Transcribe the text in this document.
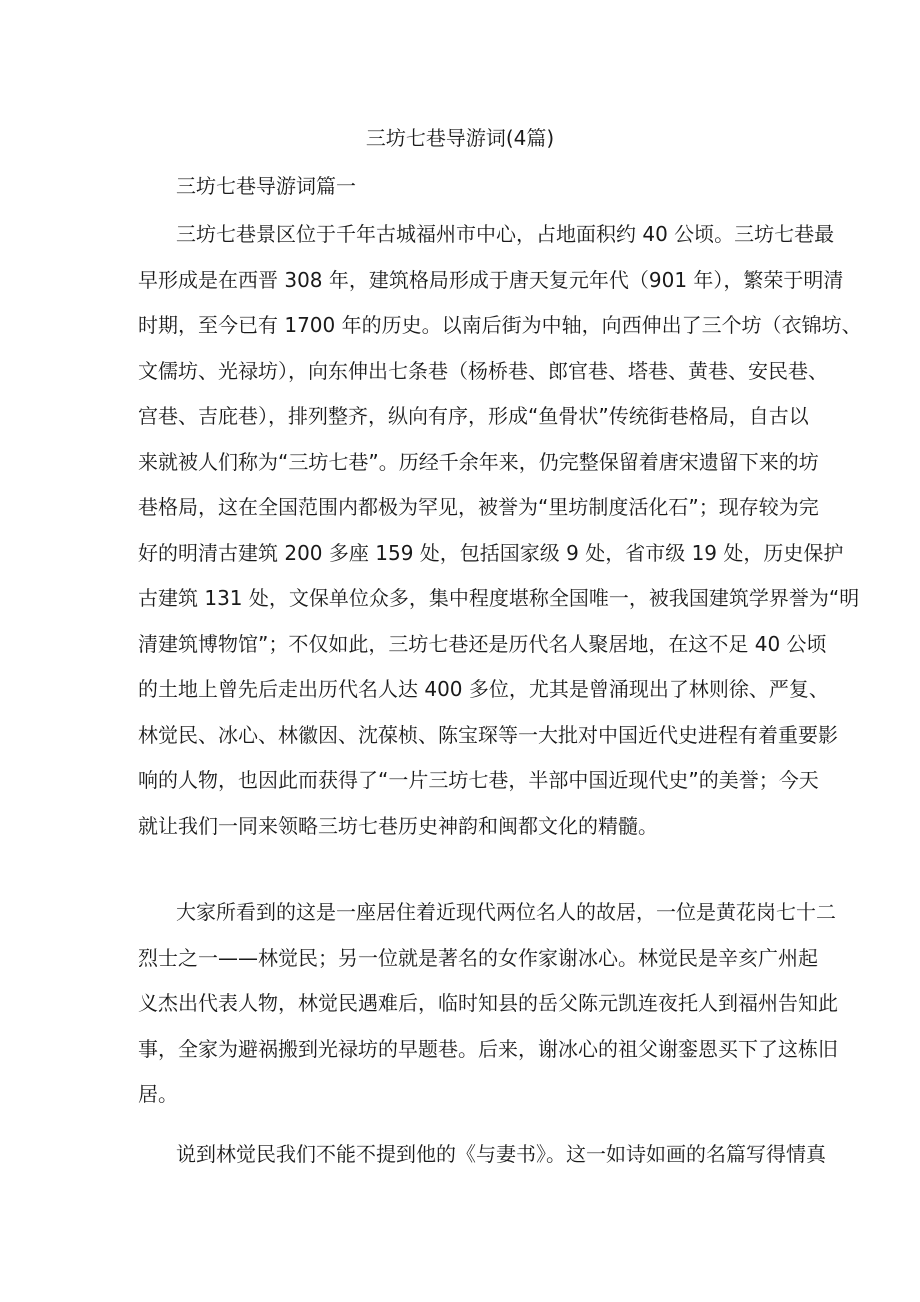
三坊七巷导游词(4篇)
三坊七巷导游词篇一

三坊七巷景区位于千年古城福州市中心，占地面积约 40 公顷。三坊七巷最
早形成是在西晋 308 年，建筑格局形成于唐天复元年代（901 年），繁荣于明清
时期，至今已有 1700 年的历史。以南后街为中轴，向西伸出了三个坊（衣锦坊、
文儒坊、光禄坊），向东伸出七条巷（杨桥巷、郎官巷、塔巷、黄巷、安民巷、
宫巷、吉庇巷），排列整齐，纵向有序，形成“鱼骨状”传统街巷格局，自古以
来就被人们称为“三坊七巷”。历经千余年来，仍完整保留着唐宋遗留下来的坊
巷格局，这在全国范围内都极为罕见，被誉为“里坊制度活化石”；现存较为完
好的明清古建筑 200 多座 159 处，包括国家级 9 处，省市级 19 处，历史保护
古建筑 131 处，文保单位众多，集中程度堪称全国唯一，被我国建筑学界誉为“明
清建筑博物馆”；不仅如此，三坊七巷还是历代名人聚居地，在这不足 40 公顷
的土地上曾先后走出历代名人达 400 多位，尤其是曾涌现出了林则徐、严复、
林觉民、冰心、林徽因、沈葆桢、陈宝琛等一大批对中国近代史进程有着重要影
响的人物，也因此而获得了“一片三坊七巷，半部中国近现代史”的美誉；今天
就让我们一同来领略三坊七巷历史神韵和闽都文化的精髓。

大家所看到的这是一座居住着近现代两位名人的故居，一位是黄花岗七十二
烈士之一——林觉民；另一位就是著名的女作家谢冰心。林觉民是辛亥广州起
义杰出代表人物，林觉民遇难后，临时知县的岳父陈元凯连夜托人到福州告知此
事，全家为避祸搬到光禄坊的早题巷。后来，谢冰心的祖父谢銮恩买下了这栋旧
居。

说到林觉民我们不能不提到他的《与妻书》。这一如诗如画的名篇写得情真
